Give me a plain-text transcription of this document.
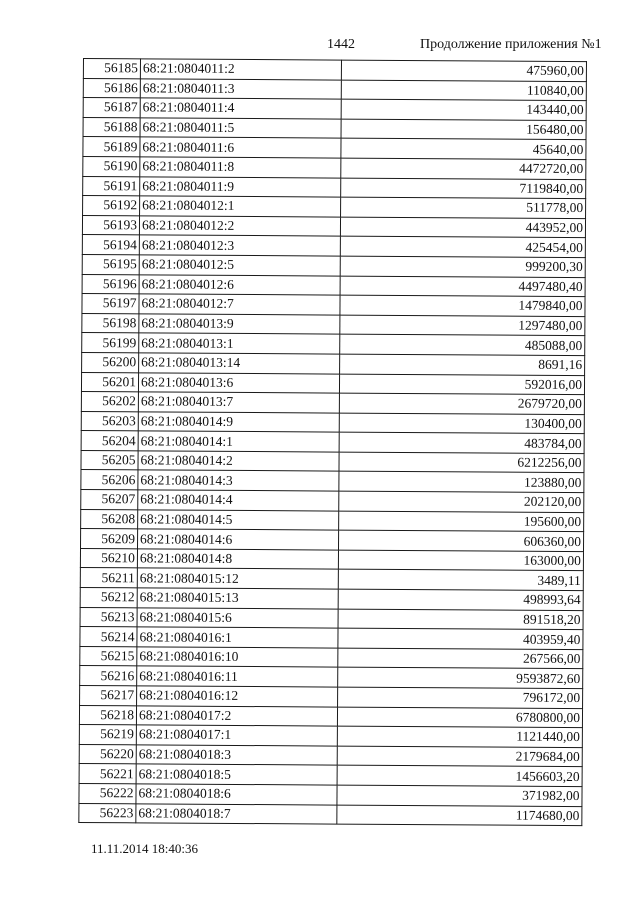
1442	Продолжение приложения №1
56185	68:21:0804011:2	475960,00
56186	68:21:0804011:3	110840,00
56187	68:21:0804011:4	143440,00
56188	68:21:0804011:5	156480,00
56189	68:21:0804011:6	45640,00
56190	68:21:0804011:8	4472720,00
56191	68:21:0804011:9	7119840,00
56192	68:21:0804012:1	511778,00
56193	68:21:0804012:2	443952,00
56194	68:21:0804012:3	425454,00
56195	68:21:0804012:5	999200,30
56196	68:21:0804012:6	4497480,40
56197	68:21:0804012:7	1479840,00
56198	68:21:0804013:9	1297480,00
56199	68:21:0804013:1	485088,00
56200	68:21:0804013:14	8691,16
56201	68:21:0804013:6	592016,00
56202	68:21:0804013:7	2679720,00
56203	68:21:0804014:9	130400,00
56204	68:21:0804014:1	483784,00
56205	68:21:0804014:2	6212256,00
56206	68:21:0804014:3	123880,00
56207	68:21:0804014:4	202120,00
56208	68:21:0804014:5	195600,00
56209	68:21:0804014:6	606360,00
56210	68:21:0804014:8	163000,00
56211	68:21:0804015:12	3489,11
56212	68:21:0804015:13	498993,64
56213	68:21:0804015:6	891518,20
56214	68:21:0804016:1	403959,40
56215	68:21:0804016:10	267566,00
56216	68:21:0804016:11	9593872,60
56217	68:21:0804016:12	796172,00
56218	68:21:0804017:2	6780800,00
56219	68:21:0804017:1	1121440,00
56220	68:21:0804018:3	2179684,00
56221	68:21:0804018:5	1456603,20
56222	68:21:0804018:6	371982,00
56223	68:21:0804018:7	1174680,00
11.11.2014 18:40:36
